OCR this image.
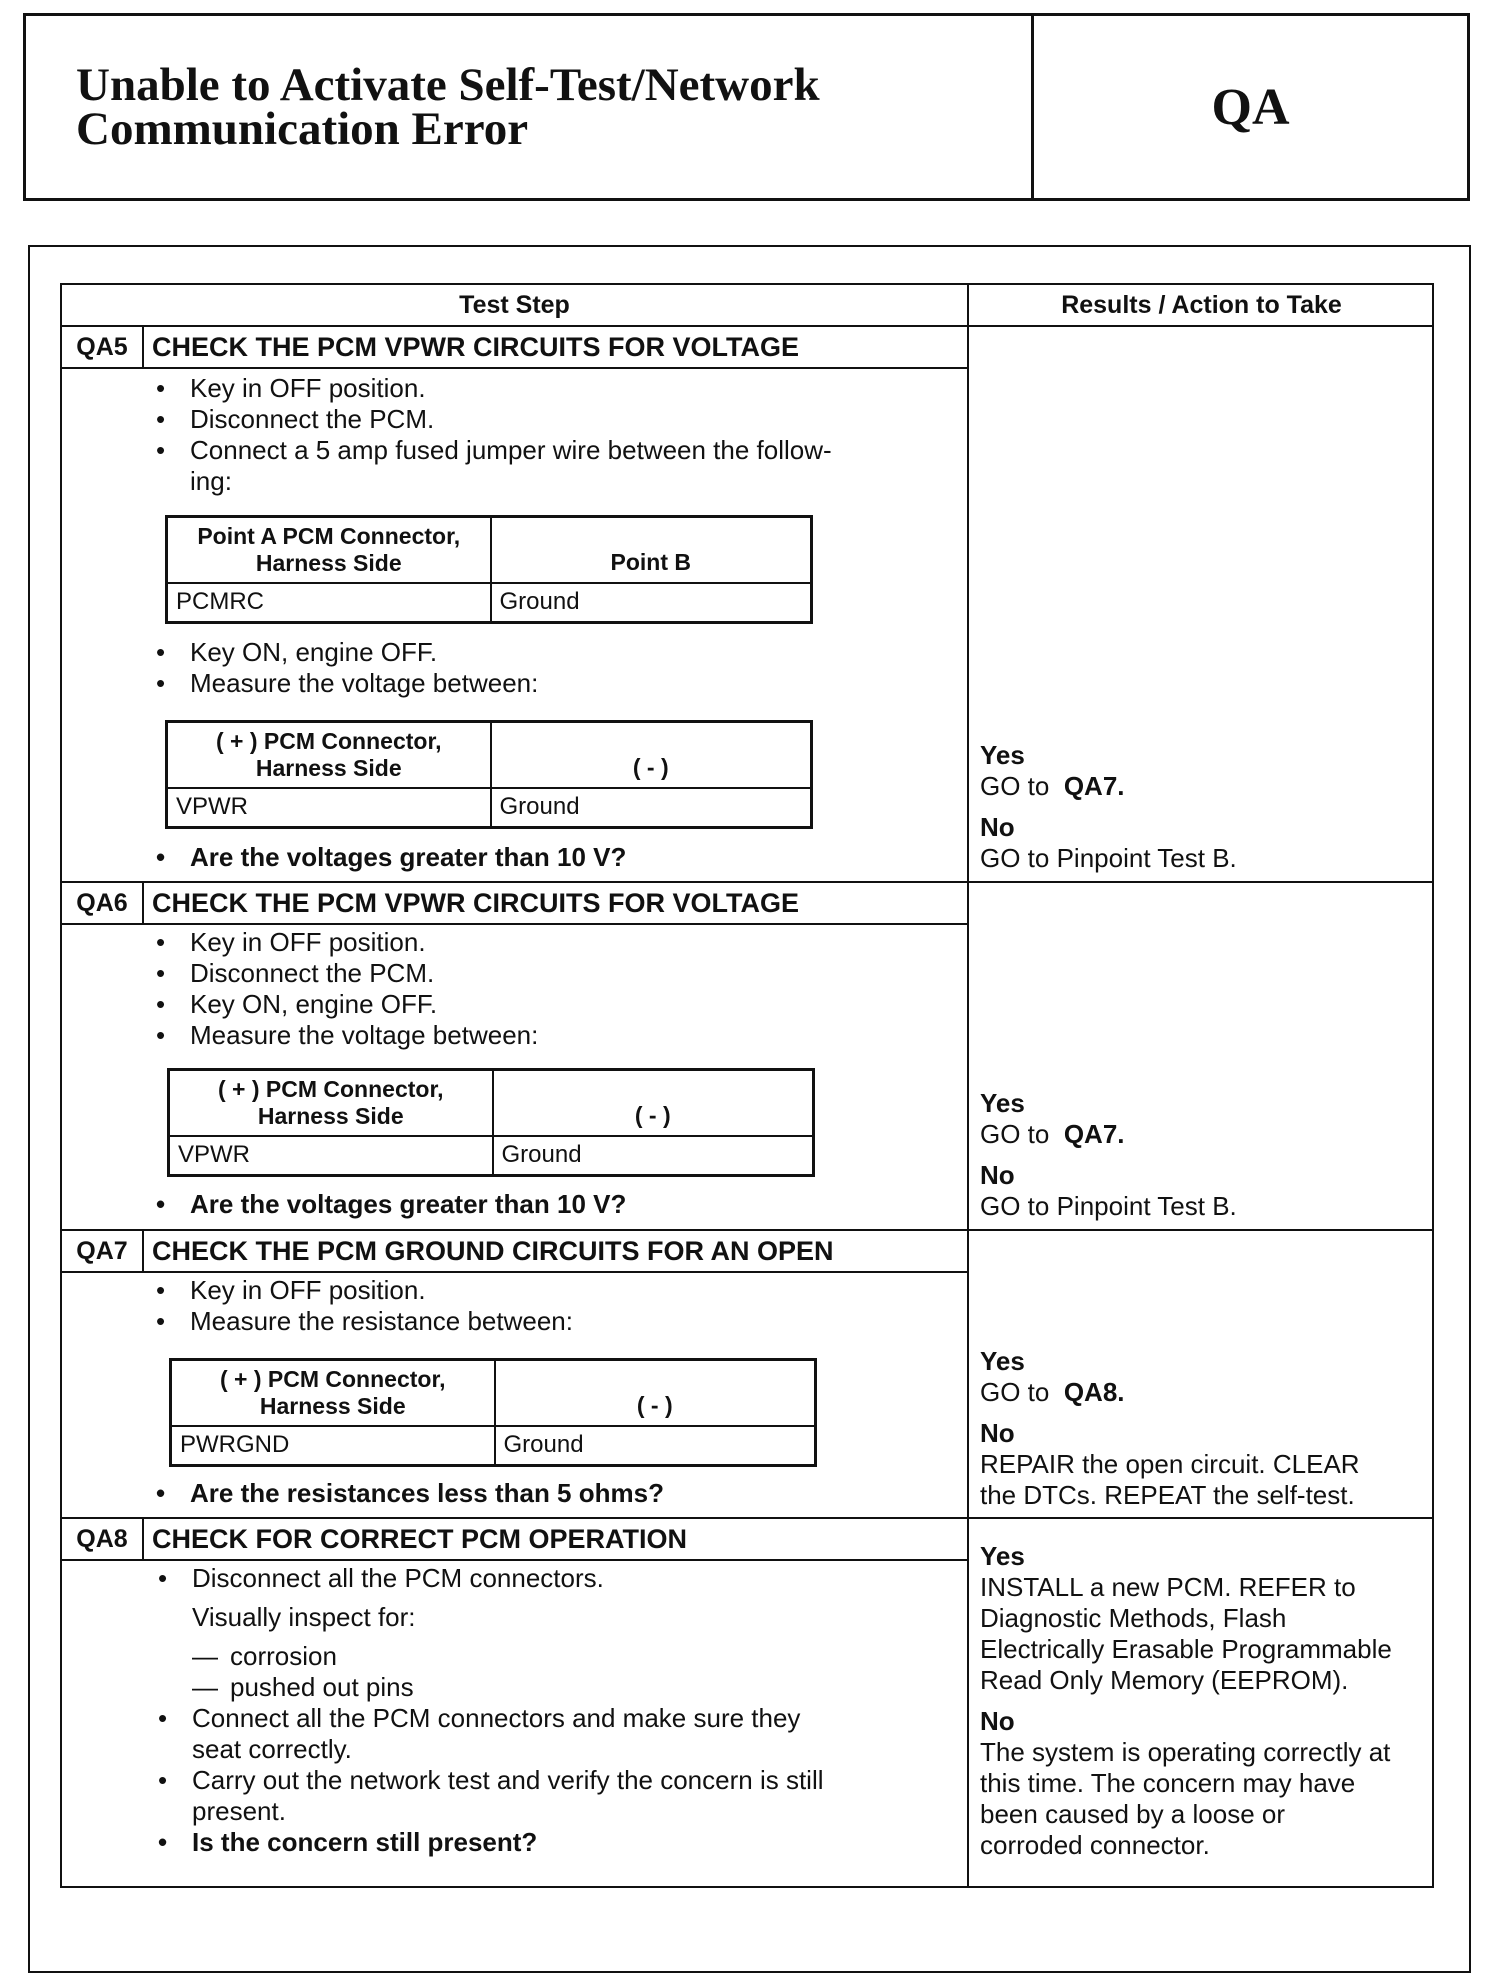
Unable to Activate Self-Test/Network
Communication Error	QA
Test Step	Results / Action to Take
QA5 CHECK THE PCM VPWR CIRCUITS FOR VOLTAGE
• Key in OFF position.
• Disconnect the PCM.
• Connect a 5 amp fused jumper wire between the follow-
ing:
Point A PCM Connector,
Harness Side	Point B
PCMRC	Ground
• Key ON, engine OFF.
• Measure the voltage between:
( + ) PCM Connector,
Harness Side	( - )
VPWR	Ground
• Are the voltages greater than 10 V?
Yes
GO to QA7.
No
GO to Pinpoint Test B.
QA6 CHECK THE PCM VPWR CIRCUITS FOR VOLTAGE
• Key in OFF position.
• Disconnect the PCM.
• Key ON, engine OFF.
• Measure the voltage between:
( + ) PCM Connector,
Harness Side	( - )
VPWR	Ground
• Are the voltages greater than 10 V?
Yes
GO to QA7.
No
GO to Pinpoint Test B.
QA7 CHECK THE PCM GROUND CIRCUITS FOR AN OPEN
• Key in OFF position.
• Measure the resistance between:
( + ) PCM Connector,
Harness Side	( - )
PWRGND	Ground
• Are the resistances less than 5 ohms?
Yes
GO to QA8.
No
REPAIR the open circuit. CLEAR
the DTCs. REPEAT the self-test.
QA8 CHECK FOR CORRECT PCM OPERATION
• Disconnect all the PCM connectors.
Visually inspect for:
— corrosion
— pushed out pins
• Connect all the PCM connectors and make sure they
seat correctly.
• Carry out the network test and verify the concern is still
present.
• Is the concern still present?
Yes
INSTALL a new PCM. REFER to
Diagnostic Methods, Flash
Electrically Erasable Programmable
Read Only Memory (EEPROM).
No
The system is operating correctly at
this time. The concern may have
been caused by a loose or
corroded connector.
